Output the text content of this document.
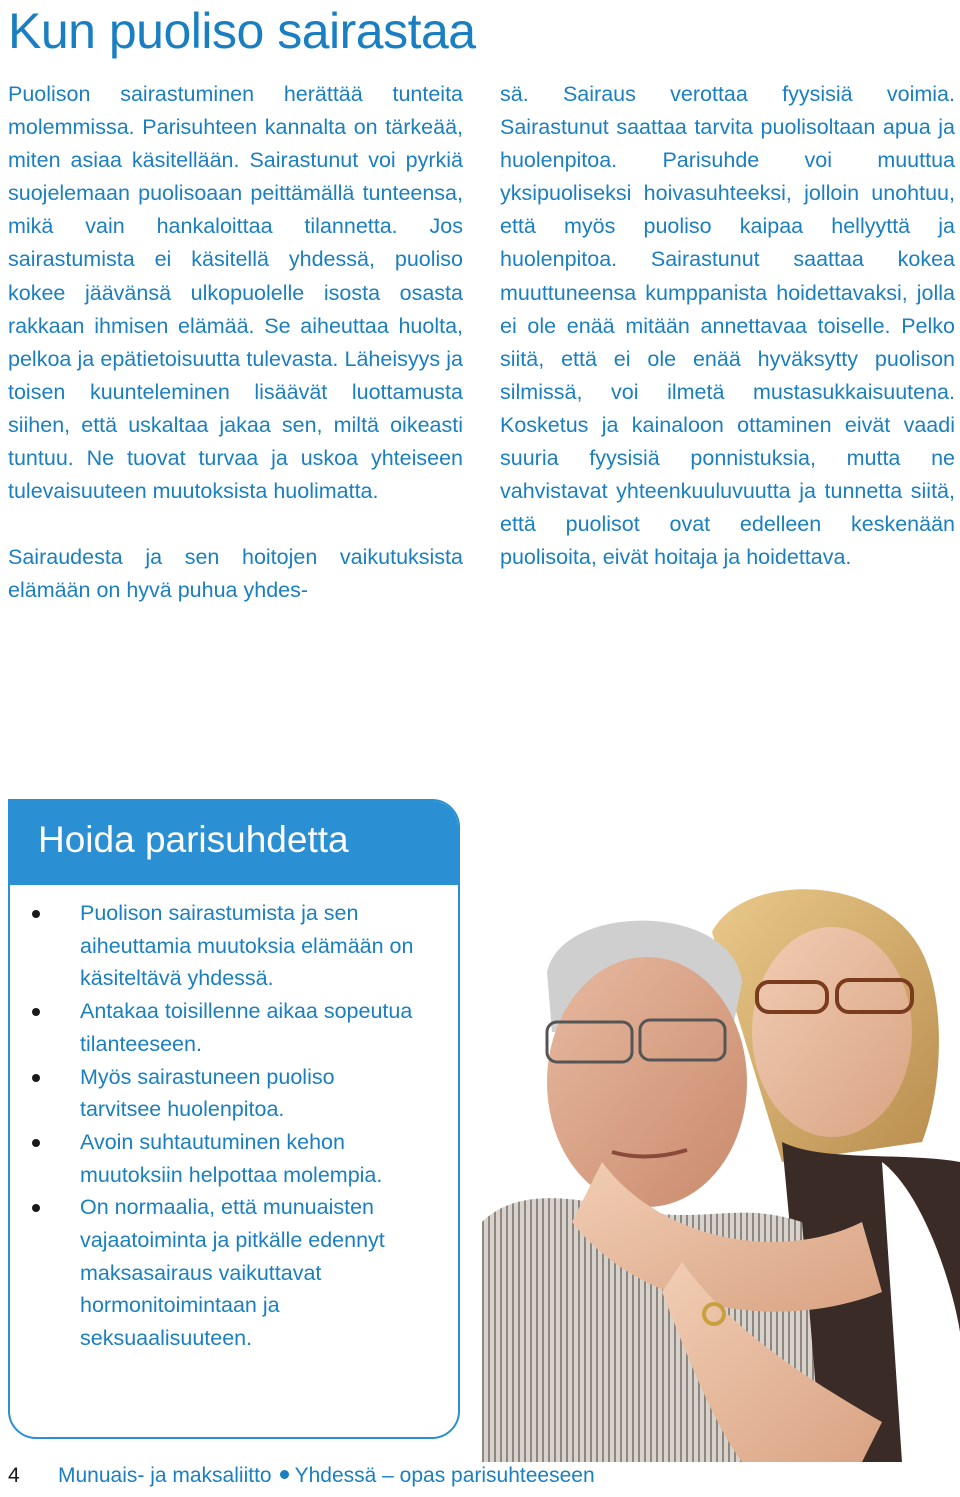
Kun puoliso sairastaa

Puolison sairastuminen herättää tunteita molemmissa. Parisuhteen kannalta on tärkeää, miten asiaa käsitellään. Sairastunut voi pyrkiä suojelemaan puolisoaan peittämällä tunteensa, mikä vain hankaloittaa tilannetta. Jos sairastumista ei käsitellä yhdessä, puoliso kokee jäävänsä ulkopuolelle isosta osasta rakkaan ihmisen elämää. Se aiheuttaa huolta, pelkoa ja epätietoisuutta tulevasta. Läheisyys ja toisen kuunteleminen lisäävät luottamusta siihen, että uskaltaa jakaa sen, miltä oikeasti tuntuu. Ne tuovat turvaa ja uskoa yhteiseen tulevaisuuteen muutoksista huolimatta.

Sairaudesta ja sen hoitojen vaikutuksista elämään on hyvä puhua yhdes-

sä. Sairaus verottaa fyysisiä voimia. Sairastunut saattaa tarvita puolisoltaan apua ja huolenpitoa. Parisuhde voi muuttua yksipuoliseksi hoivasuhteeksi, jolloin unohtuu, että myös puoliso kaipaa hellyyttä ja huolenpitoa. Sairastunut saattaa kokea muuttuneensa kumppanista hoidettavaksi, jolla ei ole enää mitään annettavaa toiselle. Pelko siitä, että ei ole enää hyväksytty puolison silmissä, voi ilmetä mustasukkaisuutena. Kosketus ja kainaloon ottaminen eivät vaadi suuria fyysisiä ponnistuksia, mutta ne vahvistavat yhteenkuuluvuutta ja tunnetta siitä, että puolisot ovat edelleen keskenään puolisoita, eivät hoitaja ja hoidettava.

Hoida parisuhdetta
Puolison sairastumista ja sen aiheuttamia muutoksia elämään on käsiteltävä yhdessä.
Antakaa toisillenne aikaa sopeutua tilanteeseen.
Myös sairastuneen puoliso tarvitsee huolenpitoa.
Avoin suhtautuminen kehon muutoksiin helpottaa molempia.
On normaalia, että munuaisten vajaatoiminta ja pitkälle edennyt maksasairaus vaikuttavat hormonitoimintaan ja seksuaalisuuteen.
4 Munuais- ja maksaliitto Yhdessä – opas parisuhteeseen
